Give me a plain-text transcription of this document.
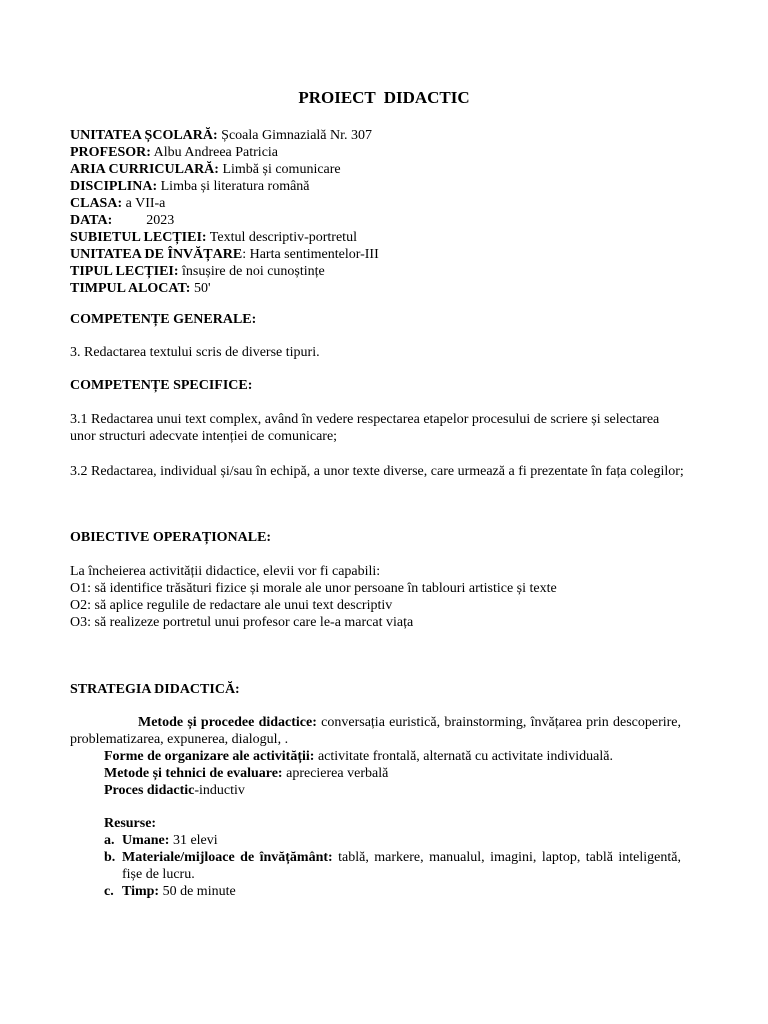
PROIECT DIDACTIC
UNITATEA ȘCOLARĂ: Școala Gimnazială Nr. 307
PROFESOR: Albu Andreea Patricia
ARIA CURRICULARĂ: Limbă și comunicare
DISCIPLINA: Limba și literatura română
CLASA: a VII-a
DATA: 2023
SUBIETUL LECȚIEI: Textul descriptiv-portretul
UNITATEA DE ÎNVĂȚARE: Harta sentimentelor-III
TIPUL LECȚIEI: însușire de noi cunoștințe
TIMPUL ALOCAT: 50'
COMPETENȚE GENERALE:
3. Redactarea textului scris de diverse tipuri.
COMPETENȚE SPECIFICE:
3.1 Redactarea unui text complex, având în vedere respectarea etapelor procesului de scriere și selectarea unor structuri adecvate intenției de comunicare;
3.2 Redactarea, individual și/sau în echipă, a unor texte diverse, care urmează a fi prezentate în fața colegilor;
OBIECTIVE OPERAȚIONALE:
La încheierea activității didactice, elevii vor fi capabili:
O1: să identifice trăsături fizice și morale ale unor persoane în tablouri artistice și texte
O2: să aplice regulile de redactare ale unui text descriptiv
O3: să realizeze portretul unui profesor care le-a marcat viața
STRATEGIA DIDACTICĂ:
Metode și procedee didactice: conversația euristică, brainstorming, învățarea prin descoperire, problematizarea, expunerea, dialogul, .
Forme de organizare ale activității: activitate frontală, alternată cu activitate individuală.
Metode și tehnici de evaluare: aprecierea verbală
Proces didactic-inductiv
Resurse:
a. Umane: 31 elevi
b. Materiale/mijloace de învățământ: tablă, markere, manualul, imagini, laptop, tablă inteligentă, fișe de lucru.
c. Timp: 50 de minute
